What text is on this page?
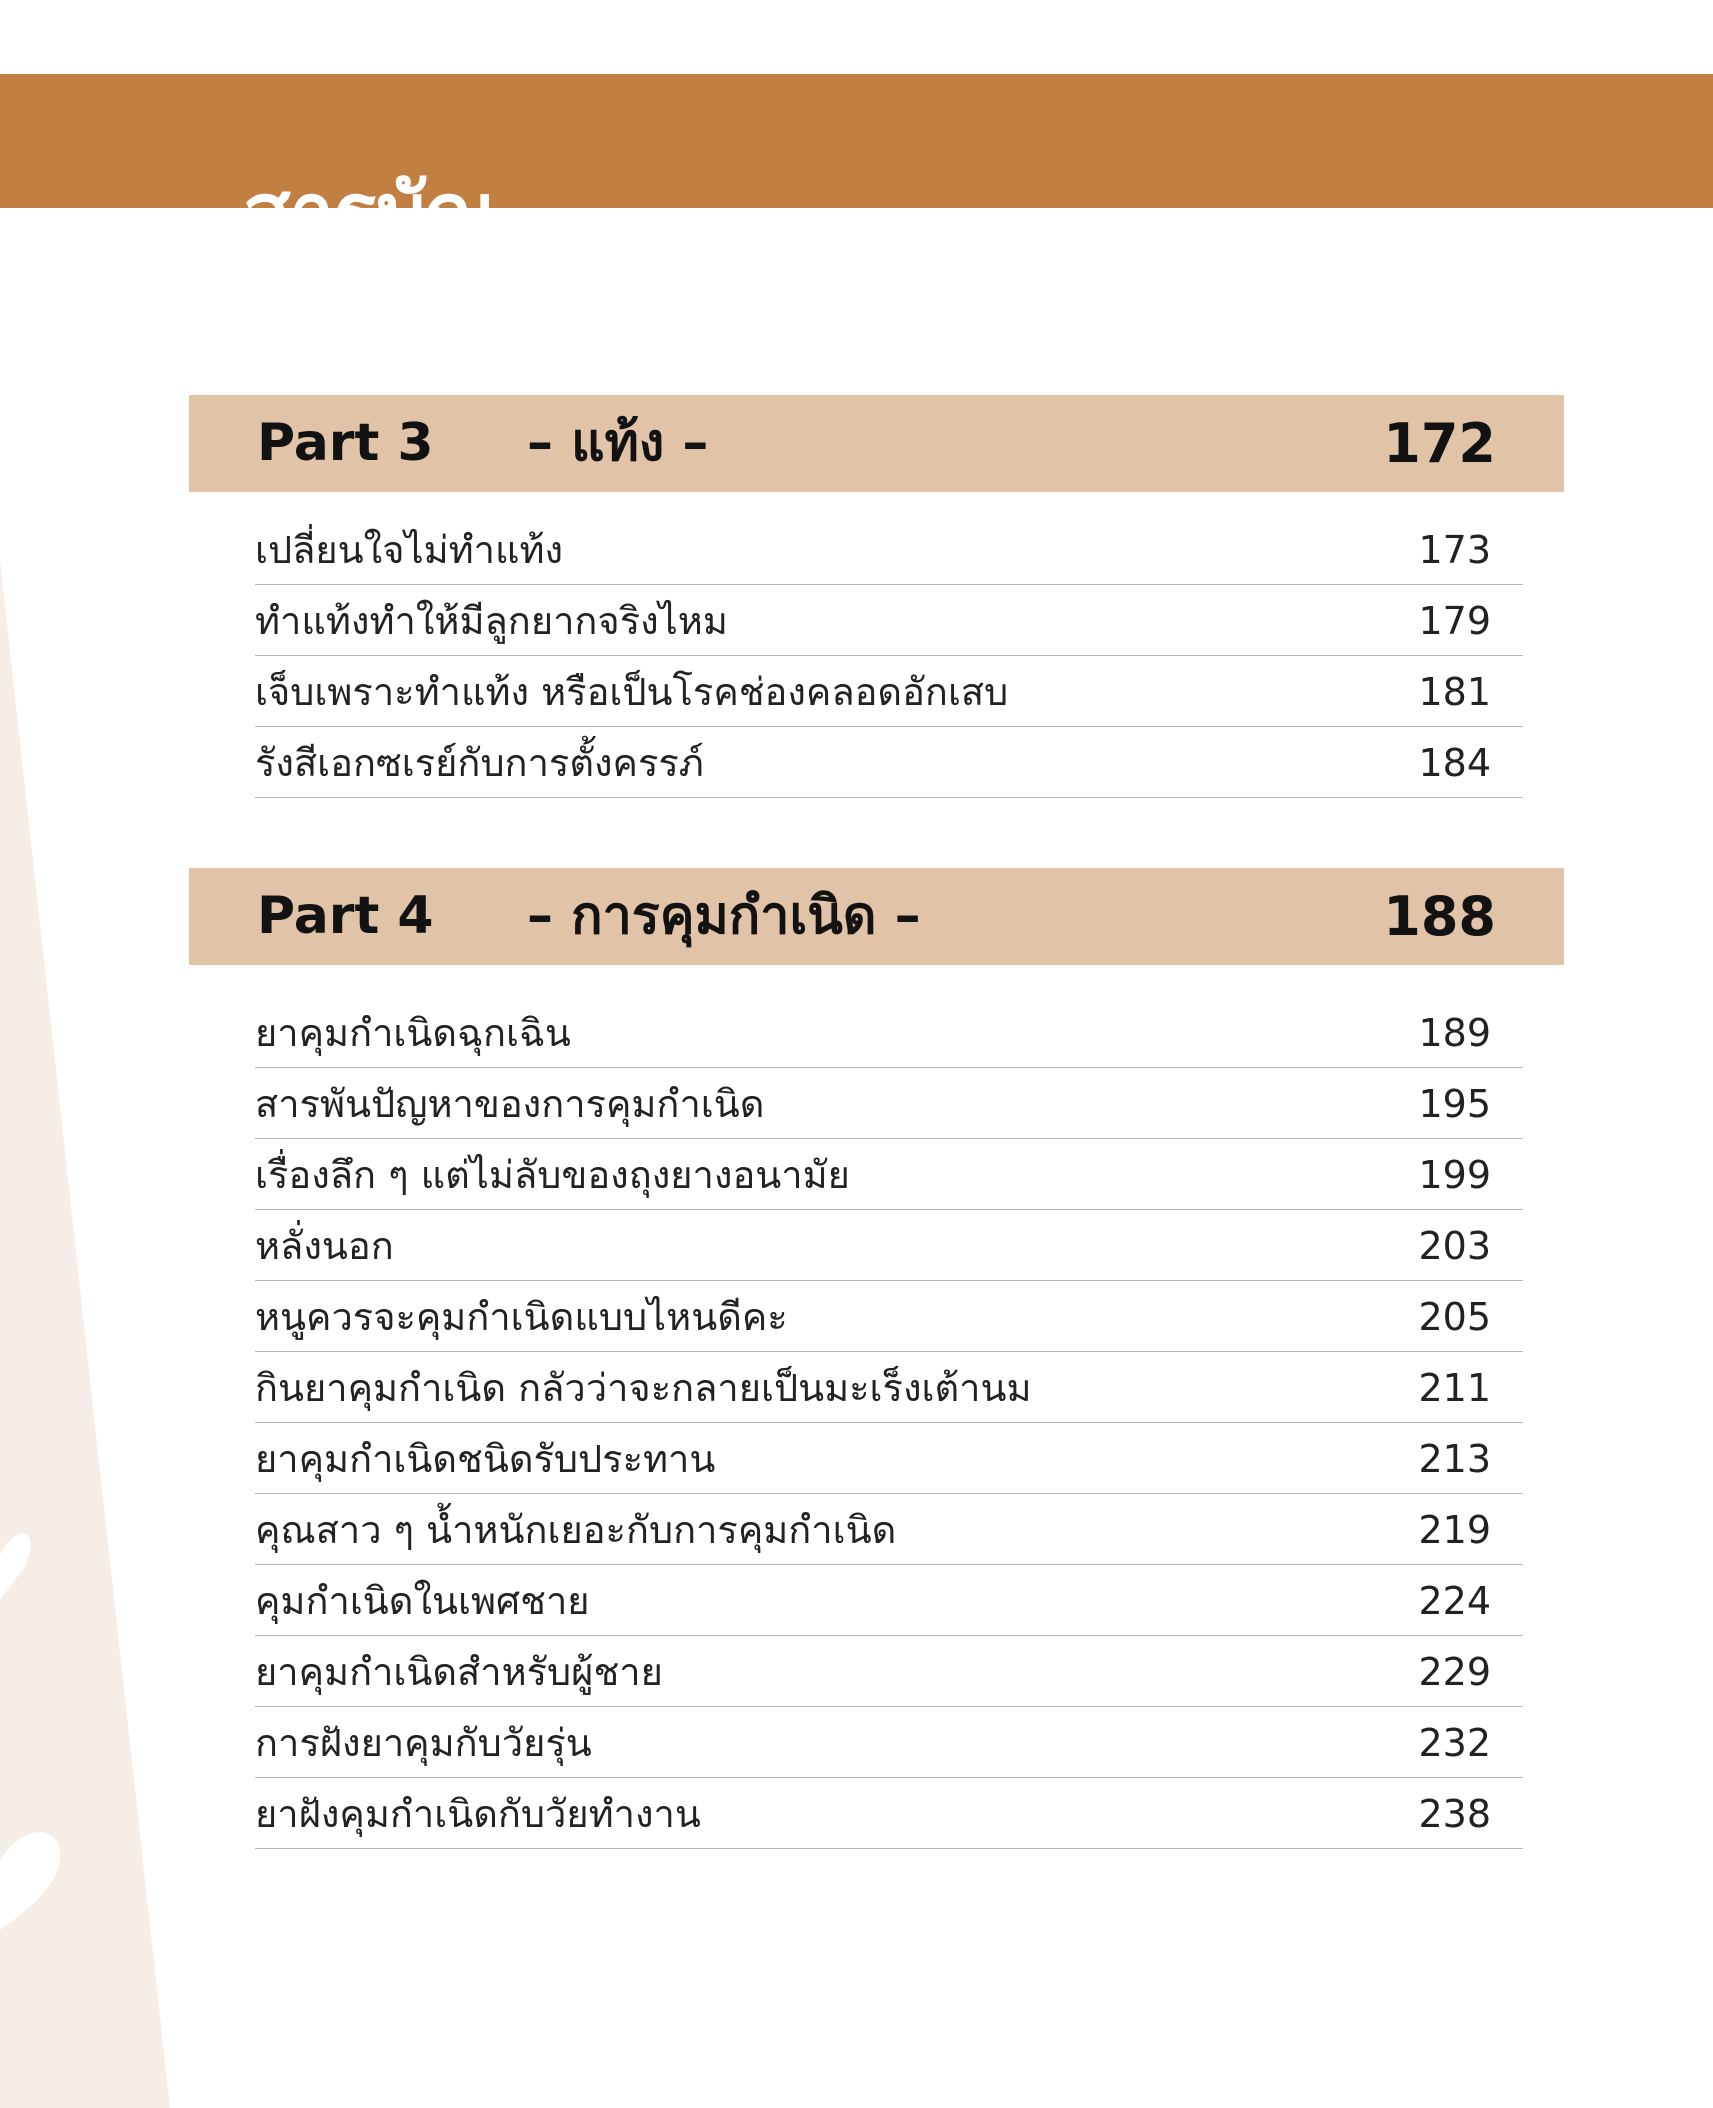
สารบัญ
Part 3 – แท้ง –	172
เปลี่ยนใจไม่ทำแท้ง	173
ทำแท้งทำให้มีลูกยากจริงไหม	179
เจ็บเพราะทำแท้ง หรือเป็นโรคช่องคลอดอักเสบ	181
รังสีเอกซเรย์กับการตั้งครรภ์	184
Part 4 – การคุมกำเนิด –	188
ยาคุมกำเนิดฉุกเฉิน	189
สารพันปัญหาของการคุมกำเนิด	195
เรื่องลึก ๆ แต่ไม่ลับของถุงยางอนามัย	199
หลั่งนอก	203
หนูควรจะคุมกำเนิดแบบไหนดีคะ	205
กินยาคุมกำเนิด กลัวว่าจะกลายเป็นมะเร็งเต้านม	211
ยาคุมกำเนิดชนิดรับประทาน	213
คุณสาว ๆ น้ำหนักเยอะกับการคุมกำเนิด	219
คุมกำเนิดในเพศชาย	224
ยาคุมกำเนิดสำหรับผู้ชาย	229
การฝังยาคุมกับวัยรุ่น	232
ยาฝังคุมกำเนิดกับวัยทำงาน	238
